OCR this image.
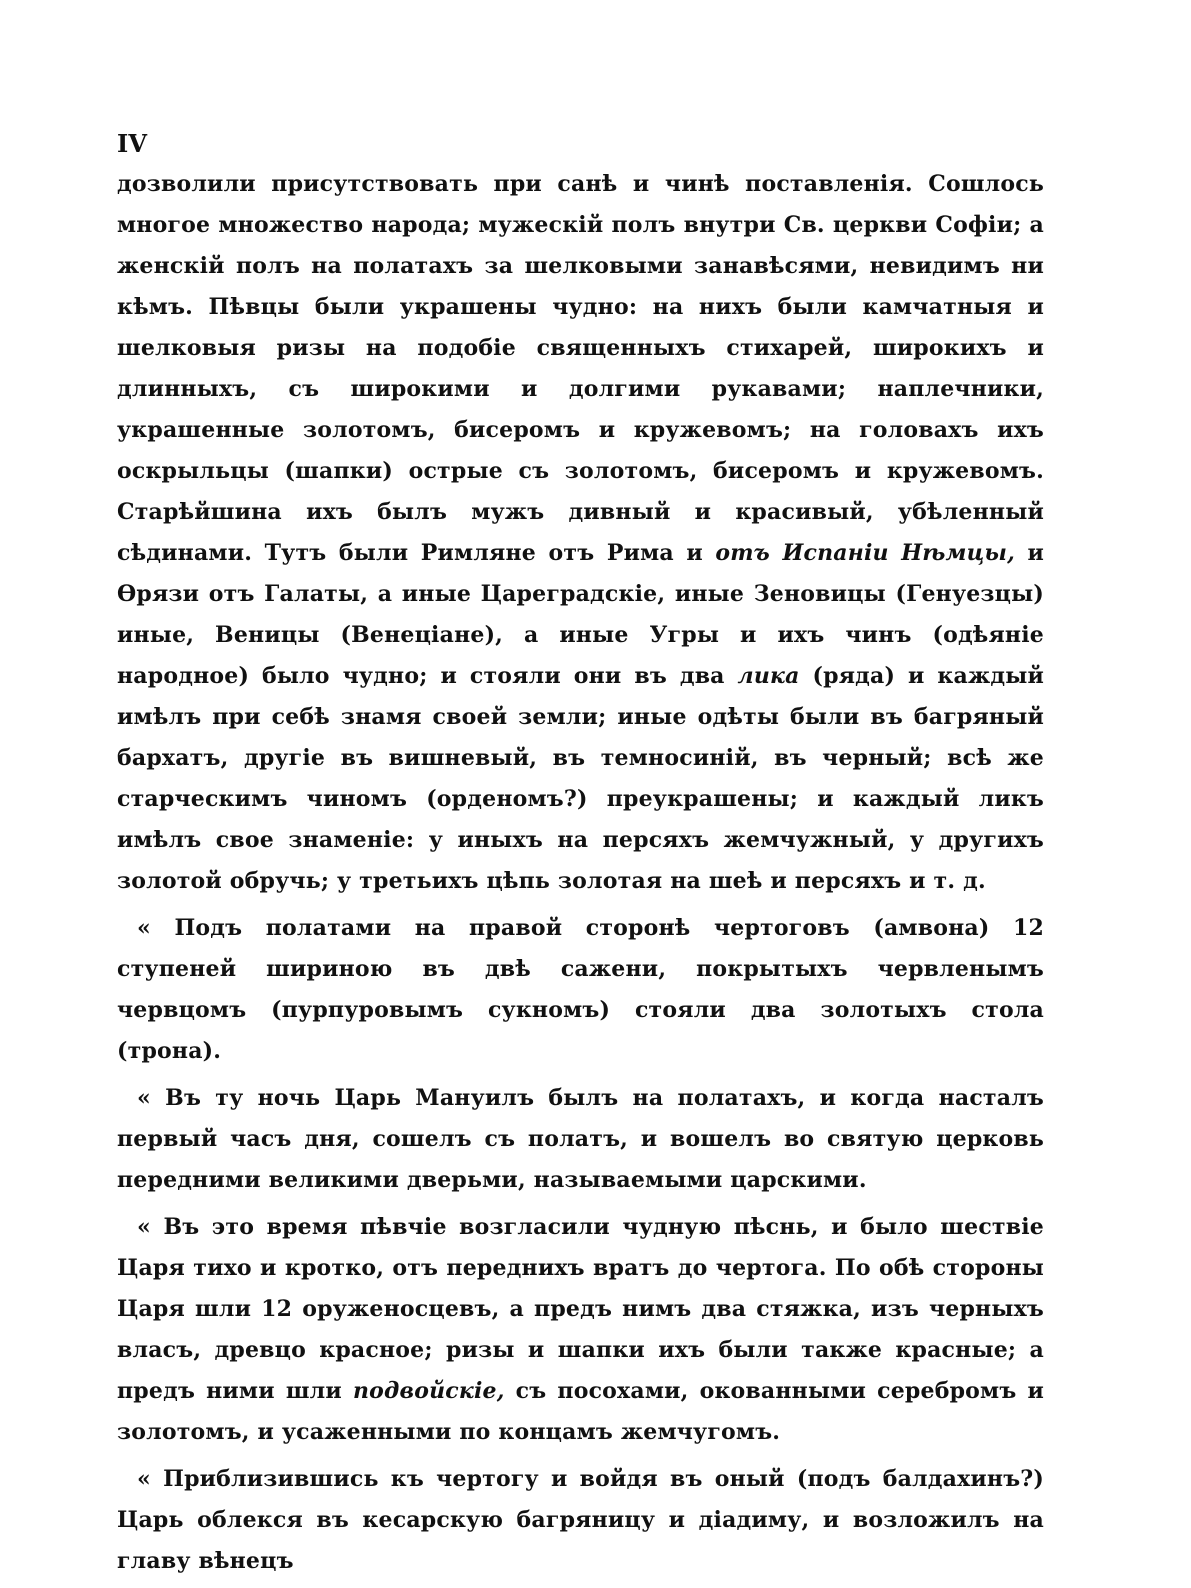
IV

дозволили присутствовать при санѣ и чинѣ поставленія. Сошлось многое множество народа; мужескій полъ внутри Св. церкви Софіи; а женскій полъ на полатахъ за шелковыми занавѣсями, невидимъ ни кѣмъ. Пѣвцы были украшены чудно: на нихъ были камчатныя и шелковыя ризы на подобіе священныхъ стихарей, широкихъ и длинныхъ, съ широкими и долгими рукавами; наплечники, украшенные золотомъ, бисеромъ и кружевомъ; на головахъ ихъ оскрыльцы (шапки) острые съ золотомъ, бисеромъ и кружевомъ. Старѣйшина ихъ былъ мужъ дивный и красивый, убѣленный сѣдинами. Тутъ были Римляне отъ Рима и отъ Испаніи Нѣмцы, и Ѳрязи отъ Галаты, а иные Цареградскіе, иные Зеновицы (Генуезцы) иные, Веницы (Венеціане), а иные Угры и ихъ чинъ (одѣяніе народное) было чудно; и стояли они въ два лика (ряда) и каждый имѣлъ при себѣ знамя своей земли; иные одѣты были въ багряный бархатъ, другіе въ вишневый, въ темносиній, въ черный; всѣ же старческимъ чиномъ (орденомъ?) преукрашены; и каждый ликъ имѣлъ свое знаменіе: у иныхъ на персяхъ жемчужный, у другихъ золотой обручь; у третьихъ цѣпь золотая на шеѣ и персяхъ и т. д.

« Подъ полатами на правой сторонѣ чертоговъ (амвона) 12 ступеней шириною въ двѣ сажени, покрытыхъ червленымъ червцомъ (пурпуровымъ сукномъ) стояли два золотыхъ стола (трона).

« Въ ту ночь Царь Мануилъ былъ на полатахъ, и когда насталъ первый часъ дня, сошелъ съ полатъ, и вошелъ во святую церковь передними великими дверьми, называемыми царскими.

« Въ это время пѣвчіе возгласили чудную пѣснь, и было шествіе Царя тихо и кротко, отъ переднихъ вратъ до чертога. По обѣ стороны Царя шли 12 оруженосцевъ, а предъ нимъ два стяжка, изъ черныхъ власъ, древцо красное; ризы и шапки ихъ были также красные; а предъ ними шли подвойскіе, съ посохами, окованными серебромъ и золотомъ, и усаженными по концамъ жемчугомъ.

« Приблизившись къ чертогу и войдя въ оный (подъ балдахинъ?) Царь облекся въ кесарскую багряницу и діадиму, и возложилъ на главу вѣнецъ
